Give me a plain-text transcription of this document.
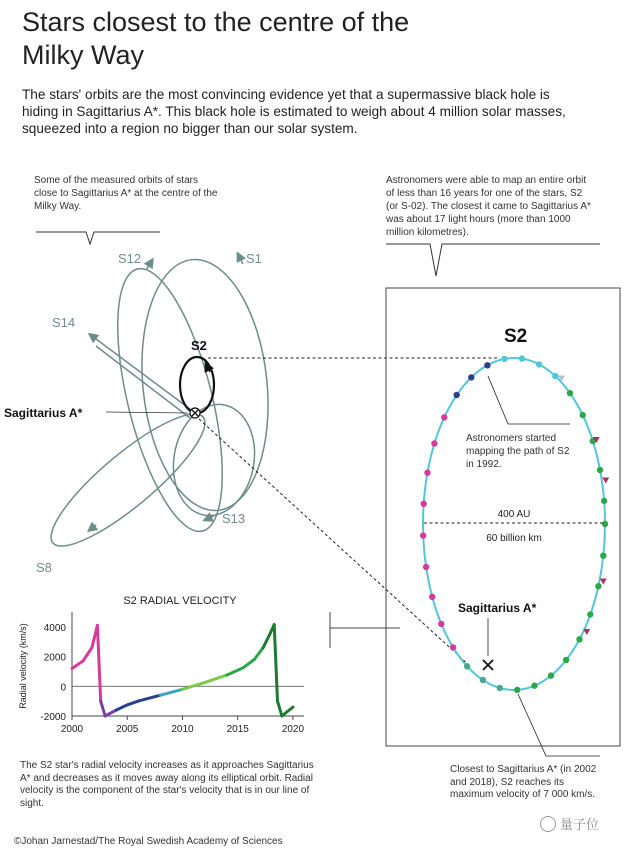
Stars closest to the centre of the Milky Way
The stars' orbits are the most convincing evidence yet that a supermassive black hole is hiding in Sagittarius A*. This black hole is estimated to weigh about 4 million solar masses, squeezed into a region no bigger than our solar system.
Some of the measured orbits of stars close to Sagittarius A* at the centre of the Milky Way.
Astronomers were able to map an entire orbit of less than 16 years for one of the stars, S2 (or S-02). The closest it came to Sagittarius A* was about 17 light hours (more than 1000 million kilometres).
Astronomers started mapping the path of S2 in 1992.
The S2 star's radial velocity increases as it approaches Sagittarius A* and decreases as it moves away along its elliptical orbit. Radial velocity is the component of the star's velocity that is in our line of sight.
Closest to Sagittarius A* (in 2002 and 2018), S2 reaches its maximum velocity of 7 000 km/s.
©Johan Jarnestad/The Royal Swedish Academy of Sciences
量子位
Sagittarius A*
S12	S1
S14
S2
S13
S8
S2
400 AU
60 billion km
Sagittarius A*
S2 RADIAL VELOCITY
Radial velocity (km/s)
2000	2005	2010	2015	2020
4000
2000
0
-2000
